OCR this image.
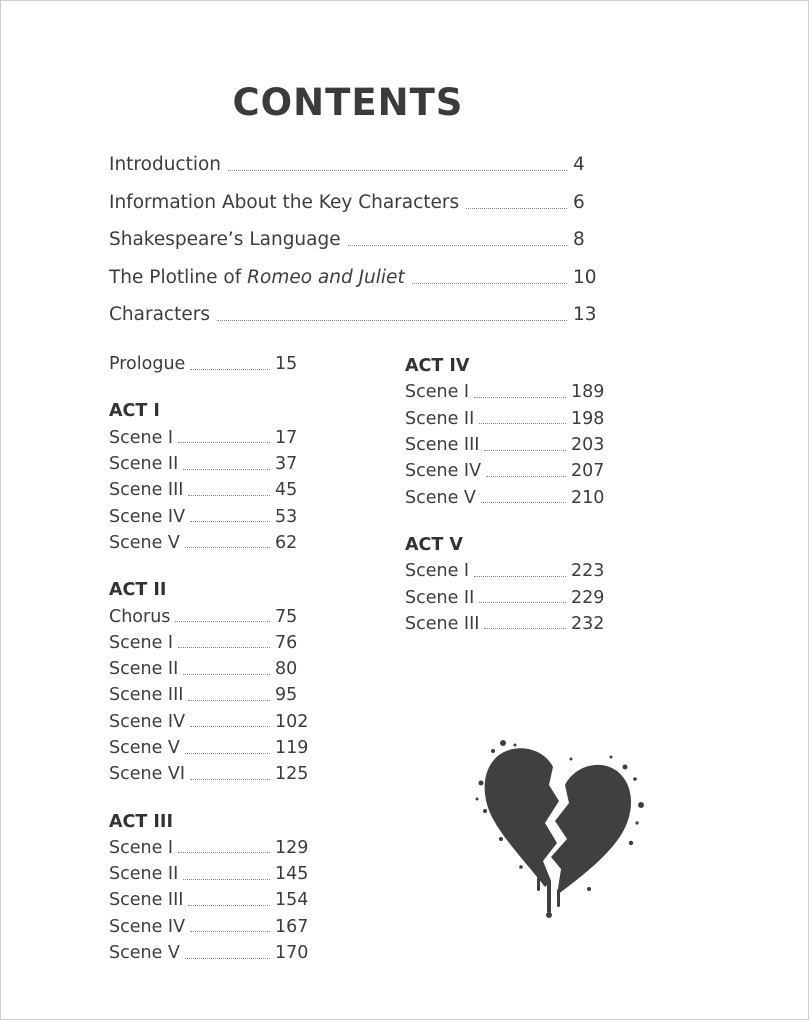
CONTENTS
Introduction	4
Information About the Key Characters	6
Shakespeare’s Language	8
The Plotline of Romeo and Juliet	10
Characters	13
Prologue	15
ACT I
Scene I	17
Scene II	37
Scene III	45
Scene IV	53
Scene V	62
ACT II
Chorus	75
Scene I	76
Scene II	80
Scene III	95
Scene IV	102
Scene V	119
Scene VI	125
ACT III
Scene I	129
Scene II	145
Scene III	154
Scene IV	167
Scene V	170
ACT IV
Scene I	189
Scene II	198
Scene III	203
Scene IV	207
Scene V	210
ACT V
Scene I	223
Scene II	229
Scene III	232
